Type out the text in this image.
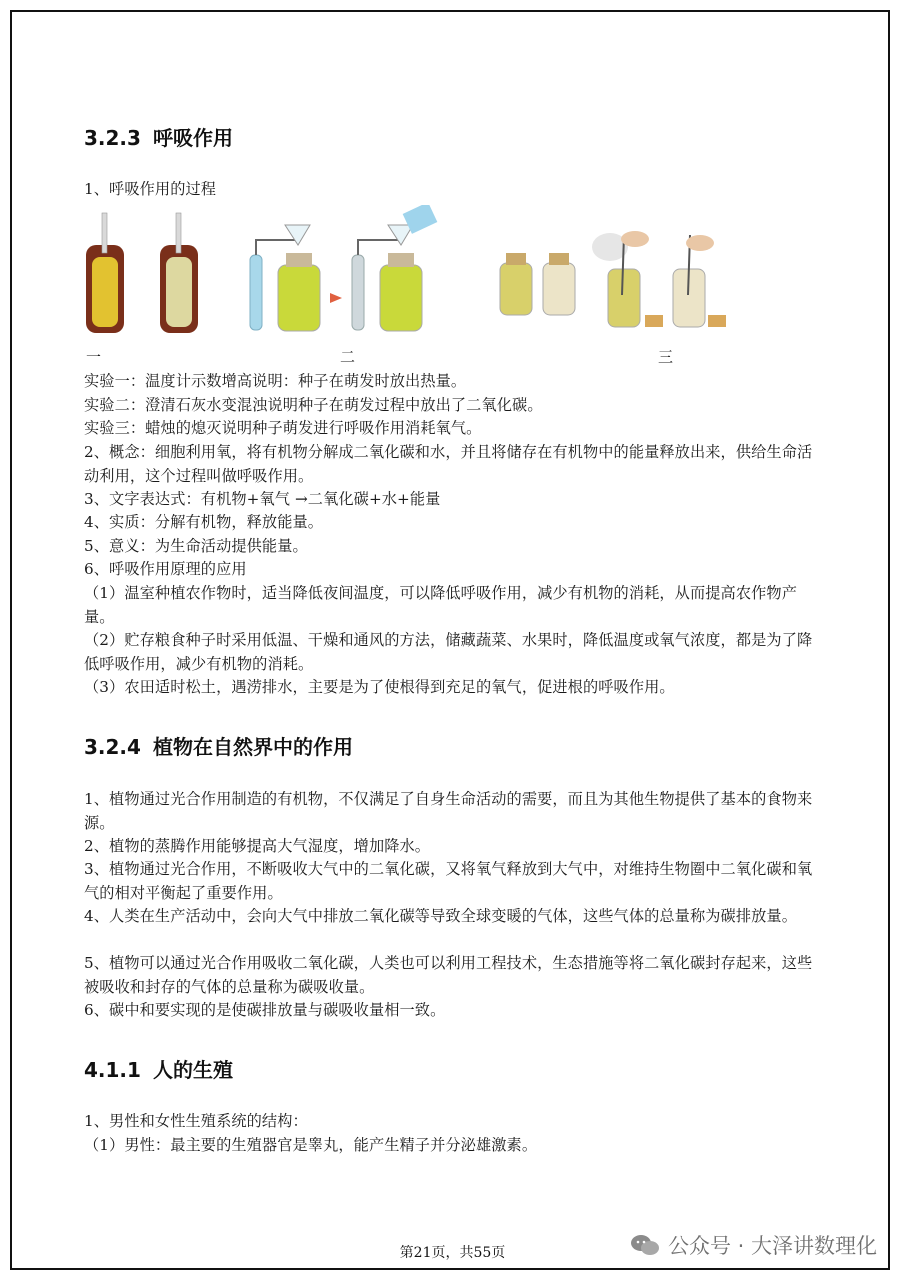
3.2.3 呼吸作用
1、呼吸作用的过程
一	二	三
实验一：温度计示数增高说明：种子在萌发时放出热量。
实验二：澄清石灰水变混浊说明种子在萌发过程中放出了二氧化碳。
实验三：蜡烛的熄灭说明种子萌发进行呼吸作用消耗氧气。
2、概念：细胞利用氧，将有机物分解成二氧化碳和水，并且将储存在有机物中的能量释放出来，供给生命活动利用，这个过程叫做呼吸作用。
3、文字表达式：有机物+氧气 →二氧化碳+水+能量
4、实质：分解有机物，释放能量。
5、意义：为生命活动提供能量。
6、呼吸作用原理的应用
（1）温室种植农作物时，适当降低夜间温度，可以降低呼吸作用，减少有机物的消耗，从而提高农作物产量。
（2）贮存粮食种子时采用低温、干燥和通风的方法，储藏蔬菜、水果时，降低温度或氧气浓度，都是为了降低呼吸作用，减少有机物的消耗。
（3）农田适时松土，遇涝排水，主要是为了使根得到充足的氧气，促进根的呼吸作用。
3.2.4 植物在自然界中的作用
1、植物通过光合作用制造的有机物，不仅满足了自身生命活动的需要，而且为其他生物提供了基本的食物来源。
2、植物的蒸腾作用能够提高大气湿度，增加降水。
3、植物通过光合作用，不断吸收大气中的二氧化碳，又将氧气释放到大气中，对维持生物圈中二氧化碳和氧气的相对平衡起了重要作用。
4、人类在生产活动中，会向大气中排放二氧化碳等导致全球变暖的气体，这些气体的总量称为碳排放量。
5、植物可以通过光合作用吸收二氧化碳，人类也可以利用工程技术，生态措施等将二氧化碳封存起来，这些被吸收和封存的气体的总量称为碳吸收量。
6、碳中和要实现的是使碳排放量与碳吸收量相一致。
4.1.1 人的生殖
1、男性和女性生殖系统的结构：
（1）男性：最主要的生殖器官是睾丸，能产生精子并分泌雄激素。
第21页，共55页	公众号 · 大泽讲数理化
